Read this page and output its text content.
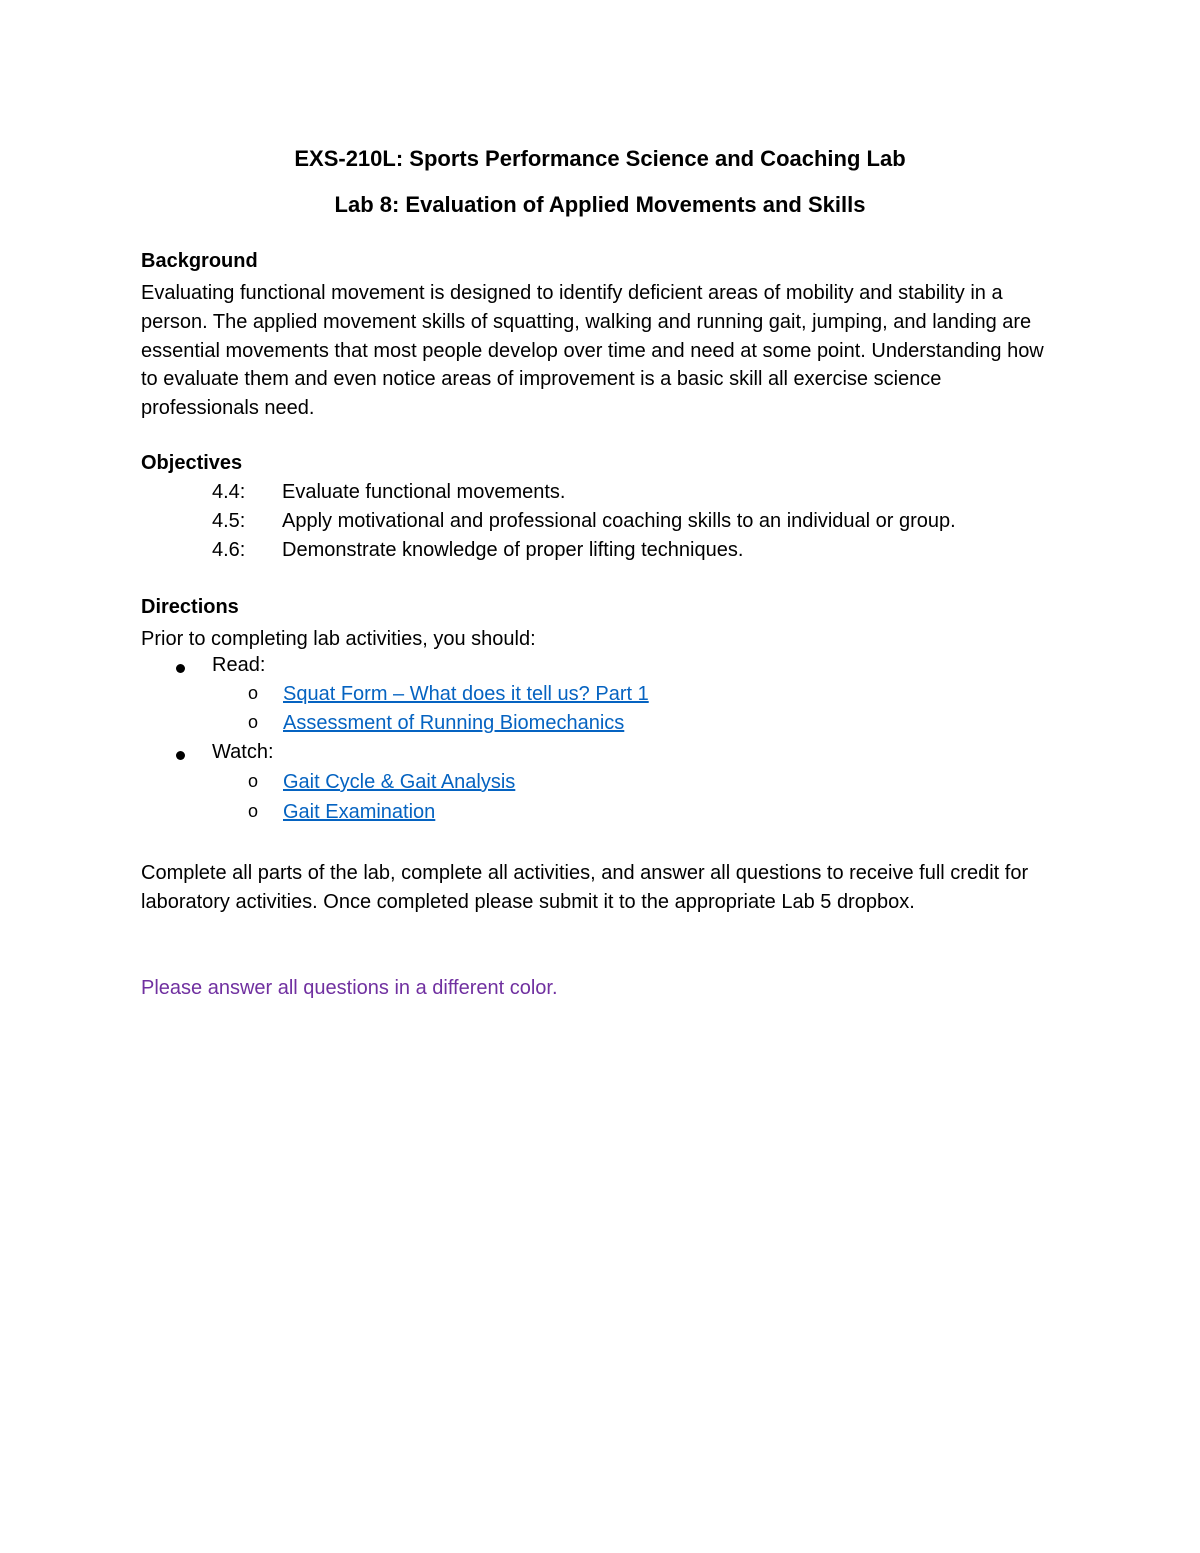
EXS-210L: Sports Performance Science and Coaching Lab
Lab 8: Evaluation of Applied Movements and Skills
Background
Evaluating functional movement is designed to identify deficient areas of mobility and stability in a person. The applied movement skills of squatting, walking and running gait, jumping, and landing are essential movements that most people develop over time and need at some point. Understanding how to evaluate them and even notice areas of improvement is a basic skill all exercise science professionals need.
Objectives
4.4: Evaluate functional movements.
4.5: Apply motivational and professional coaching skills to an individual or group.
4.6: Demonstrate knowledge of proper lifting techniques.
Directions
Prior to completing lab activities, you should:
Read:
o Squat Form – What does it tell us? Part 1
o Assessment of Running Biomechanics
Watch:
o Gait Cycle & Gait Analysis
o Gait Examination
Complete all parts of the lab, complete all activities, and answer all questions to receive full credit for laboratory activities. Once completed please submit it to the appropriate Lab 5 dropbox.
Please answer all questions in a different color.
